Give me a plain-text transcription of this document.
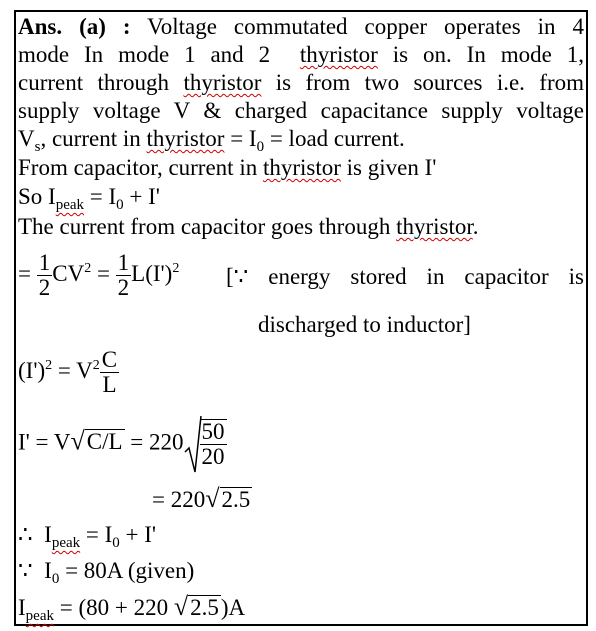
Ans. (a) : Voltage commutated copper operates in 4
mode In mode 1 and 2 thyristor is on. In mode 1,
current through thyristor is from two sources i.e. from
supply voltage V & charged capacitance supply voltage
$V_s$, current in thyristor = $I_0$ = load current.
From capacitor, current in thyristor is given I'
So $I_{peak} = I_0 + I'$
The current from capacitor goes through thyristor.
= $\frac{1}{2} CV^2 = \frac{1}{2} L(I')^2$ [∵ energy stored in capacitor is
discharged to inductor]
$(I')^2 = V^2 \frac{C}{L}$
$I' = V√C/L = 220 \frac{50}{20}$
= 220√2.5
∴ $I_{peak} = I_0 + I'$
∵ $I_0 = 80A$ (given)
$I_{peak} = (80 + 220$ √2.5)A
